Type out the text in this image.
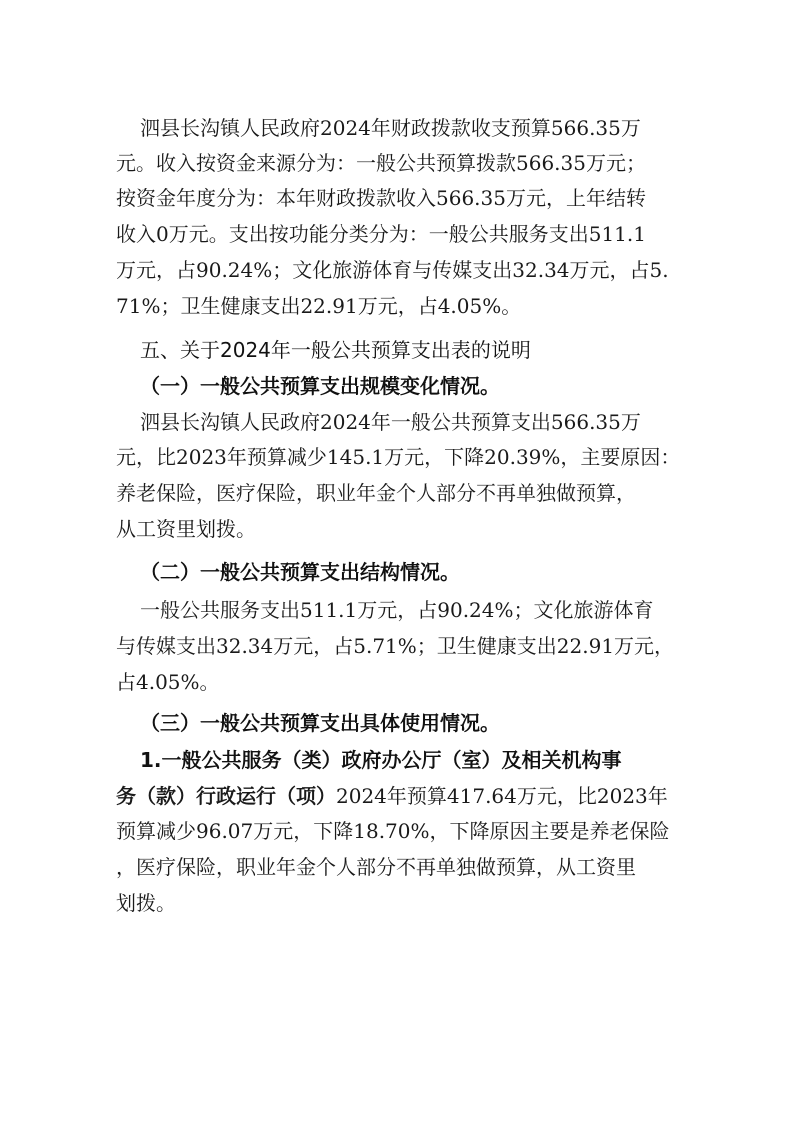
泗县长沟镇人民政府2024年财政拨款收支预算566.35万
元。收入按资金来源分为：一般公共预算拨款566.35万元；
按资金年度分为：本年财政拨款收入566.35万元，上年结转
收入0万元。支出按功能分类分为：一般公共服务支出511.1
万元，占90.24%；文化旅游体育与传媒支出32.34万元，占5.
71%；卫生健康支出22.91万元，占4.05%。
五、关于2024年一般公共预算支出表的说明
（一）一般公共预算支出规模变化情况。
泗县长沟镇人民政府2024年一般公共预算支出566.35万
元，比2023年预算减少145.1万元，下降20.39%，主要原因：
养老保险，医疗保险，职业年金个人部分不再单独做预算，
从工资里划拨。
（二）一般公共预算支出结构情况。
一般公共服务支出511.1万元，占90.24%；文化旅游体育
与传媒支出32.34万元，占5.71%；卫生健康支出22.91万元，
占4.05%。
（三）一般公共预算支出具体使用情况。
1.一般公共服务（类）政府办公厅（室）及相关机构事
务（款）行政运行（项）2024年预算417.64万元，比2023年
预算减少96.07万元，下降18.70%，下降原因主要是养老保险
，医疗保险，职业年金个人部分不再单独做预算，从工资里
划拨。
